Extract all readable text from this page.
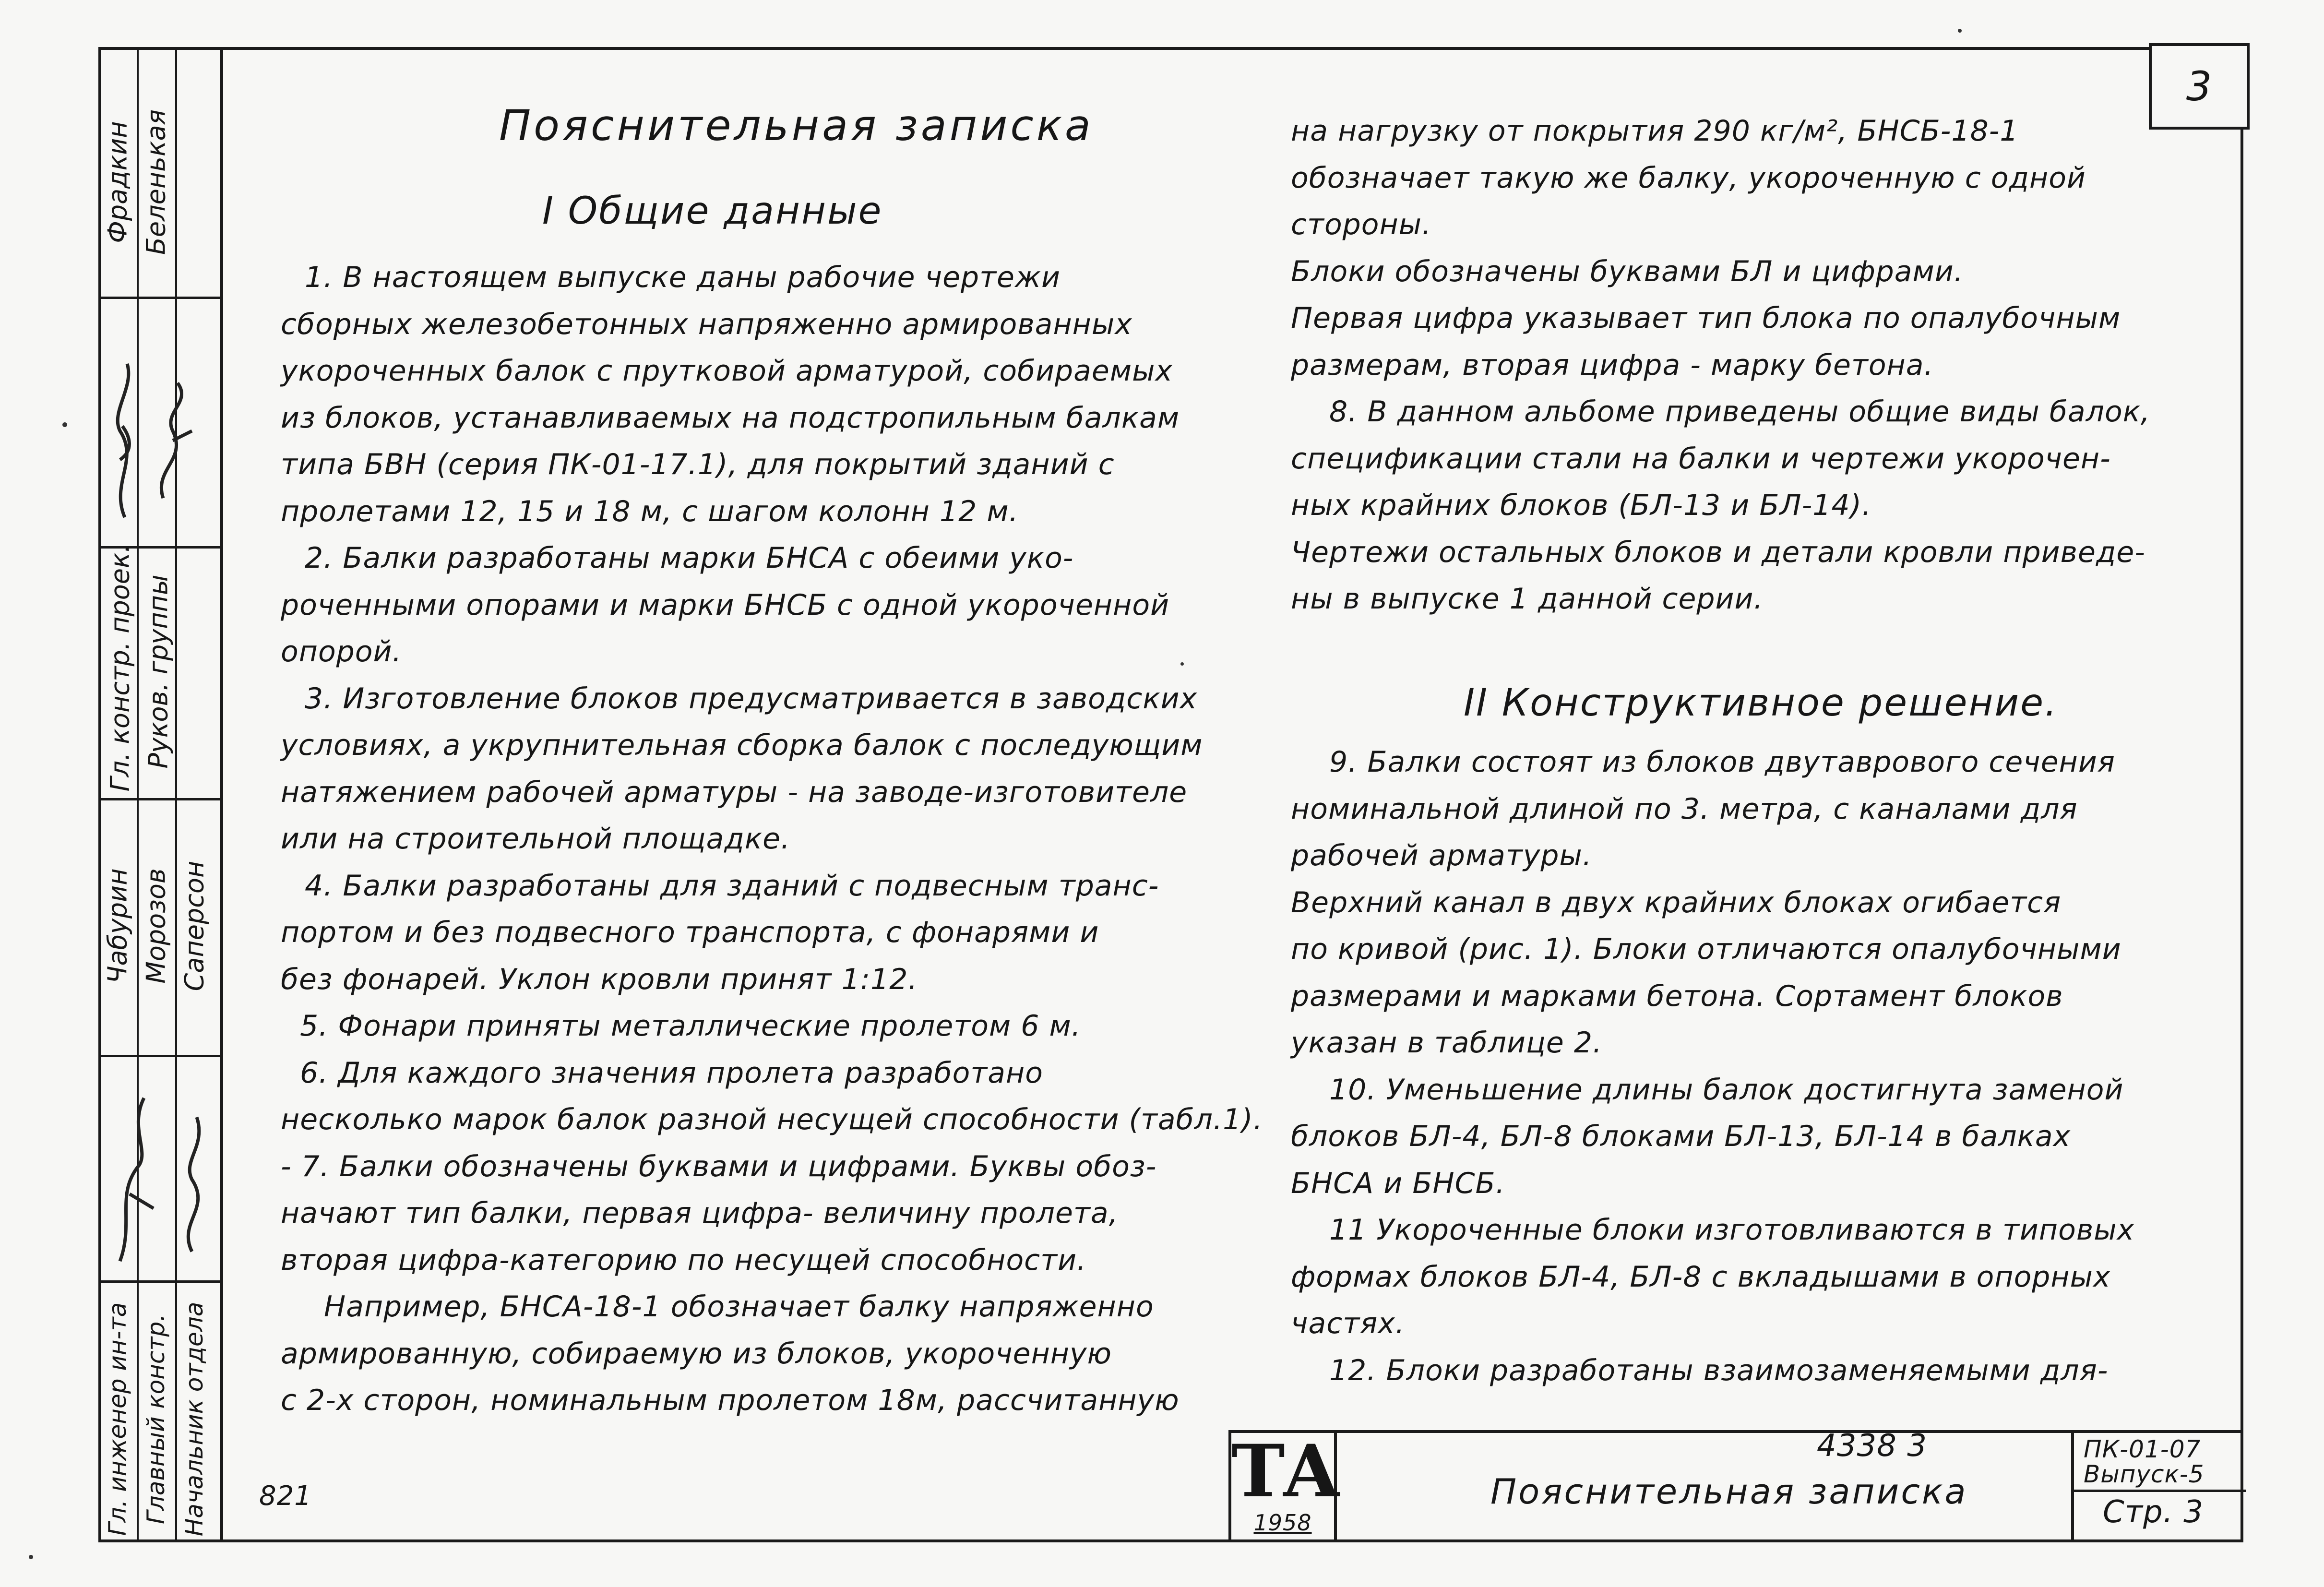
3
Фрадкин Беленькая
Гл. констр. проек. Руков. группы
Чабурин Морозов Саперсон
Гл. инженер ин-та Главный констр. Начальник отдела
Пояснительная записка
I Общие данные
1. В настоящем выпуске даны рабочие чертежи
сборных железобетонных напряженно армированных
укороченных балок с прутковой арматурой, собираемых
из блоков, устанавливаемых на подстропильным балкам
типа БВН (серия ПК-01-17.1), для покрытий зданий с
пролетами 12, 15 и 18 м, с шагом колонн 12 м.
2. Балки разработаны марки БНСА с обеими уко-
роченными опорами и марки БНСБ с одной укороченной
опорой.
3. Изготовление блоков предусматривается в заводских
условиях, а укрупнительная сборка балок с последующим
натяжением рабочей арматуры - на заводе-изготовителе
или на строительной площадке.
4. Балки разработаны для зданий с подвесным транс-
портом и без подвесного транспорта, с фонарями и
без фонарей. Уклон кровли принят 1:12.
5. Фонари приняты металлические пролетом 6 м.
6. Для каждого значения пролета разработано
несколько марок балок разной несущей способности (табл.1).
- 7. Балки обозначены буквами и цифрами. Буквы обоз-
начают тип балки, первая цифра- величину пролета,
вторая цифра-категорию по несущей способности.
Например, БНСА-18-1 обозначает балку напряженно
армированную, собираемую из блоков, укороченную
с 2-х сторон, номинальным пролетом 18м, рассчитанную
на нагрузку от покрытия 290 кг/м², БНСБ-18-1
обозначает такую же балку, укороченную с одной
стороны.
Блоки обозначены буквами БЛ и цифрами.
Первая цифра указывает тип блока по опалубочным
размерам, вторая цифра - марку бетона.
8. В данном альбоме приведены общие виды балок,
спецификации стали на балки и чертежи укорочен-
ных крайних блоков (БЛ-13 и БЛ-14).
Чертежи остальных блоков и детали кровли приведе-
ны в выпуске 1 данной серии.
II Конструктивное решение.
9. Балки состоят из блоков двутаврового сечения
номинальной длиной по 3. метра, с каналами для
рабочей арматуры.
Верхний канал в двух крайних блоках огибается
по кривой (рис. 1). Блоки отличаются опалубочными
размерами и марками бетона. Сортамент блоков
указан в таблице 2.
10. Уменьшение длины балок достигнута заменой
блоков БЛ-4, БЛ-8 блоками БЛ-13, БЛ-14 в балках
БНСА и БНСБ.
11 Укороченные блоки изготовливаются в типовых
формах блоков БЛ-4, БЛ-8 с вкладышами в опорных
частях.
12. Блоки разработаны взаимозаменяемыми для-
ТА
1958
4338 3
Пояснительная записка
ПК-01-07
Выпуск-5
Стр. 3
821
